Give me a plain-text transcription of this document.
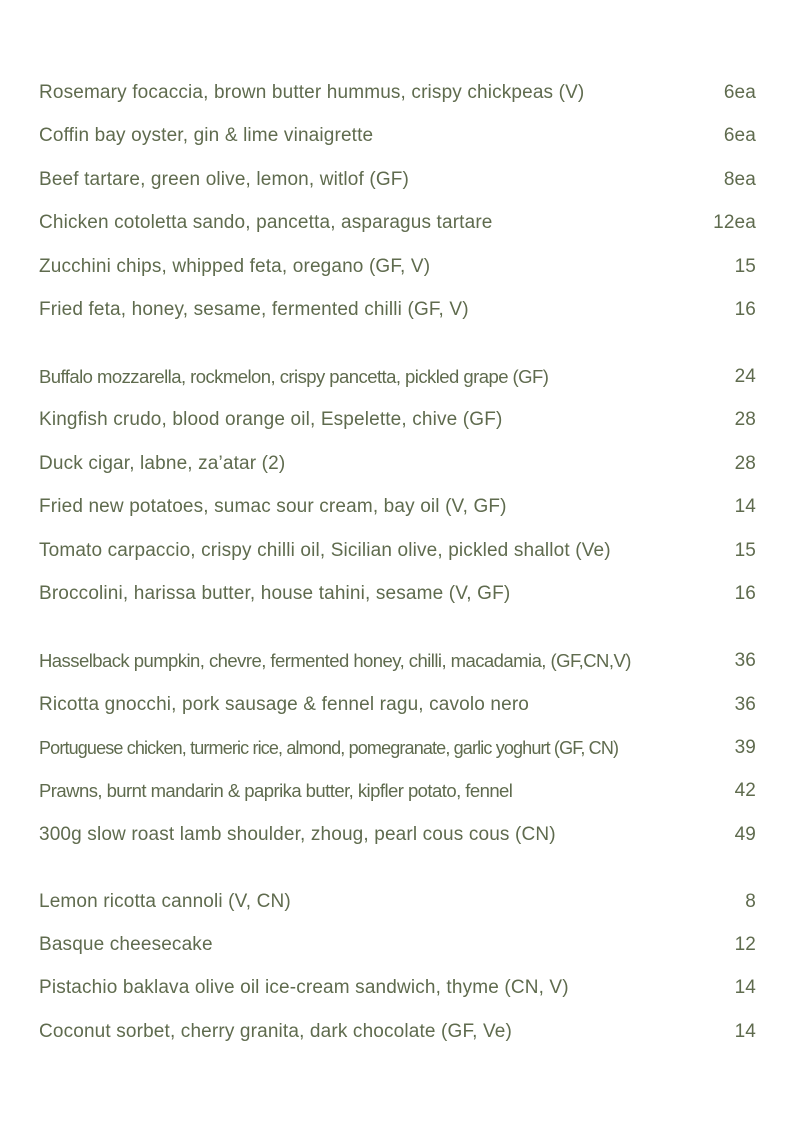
Rosemary focaccia, brown butter hummus, crispy chickpeas (V)	6ea
Coffin bay oyster, gin & lime vinaigrette	6ea
Beef tartare, green olive, lemon, witlof (GF)	8ea
Chicken cotoletta sando, pancetta, asparagus tartare	12ea
Zucchini chips, whipped feta, oregano (GF, V)	15
Fried feta, honey, sesame, fermented chilli (GF, V)	16
Buffalo mozzarella, rockmelon, crispy pancetta, pickled grape (GF)	24
Kingfish crudo, blood orange oil, Espelette, chive (GF)	28
Duck cigar, labne, za’atar (2)	28
Fried new potatoes, sumac sour cream, bay oil (V, GF)	14
Tomato carpaccio, crispy chilli oil, Sicilian olive, pickled shallot (Ve)	15
Broccolini, harissa butter, house tahini, sesame (V, GF)	16
Hasselback pumpkin, chevre, fermented honey, chilli, macadamia, (GF,CN,V)	36
Ricotta gnocchi, pork sausage & fennel ragu, cavolo nero	36
Portuguese chicken, turmeric rice, almond, pomegranate, garlic yoghurt (GF, CN)	39
Prawns, burnt mandarin & paprika butter, kipfler potato, fennel	42
300g slow roast lamb shoulder, zhoug, pearl cous cous (CN)	49
Lemon ricotta cannoli (V, CN)	8
Basque cheesecake	12
Pistachio baklava olive oil ice-cream sandwich, thyme (CN, V)	14
Coconut sorbet, cherry granita, dark chocolate (GF, Ve)	14
